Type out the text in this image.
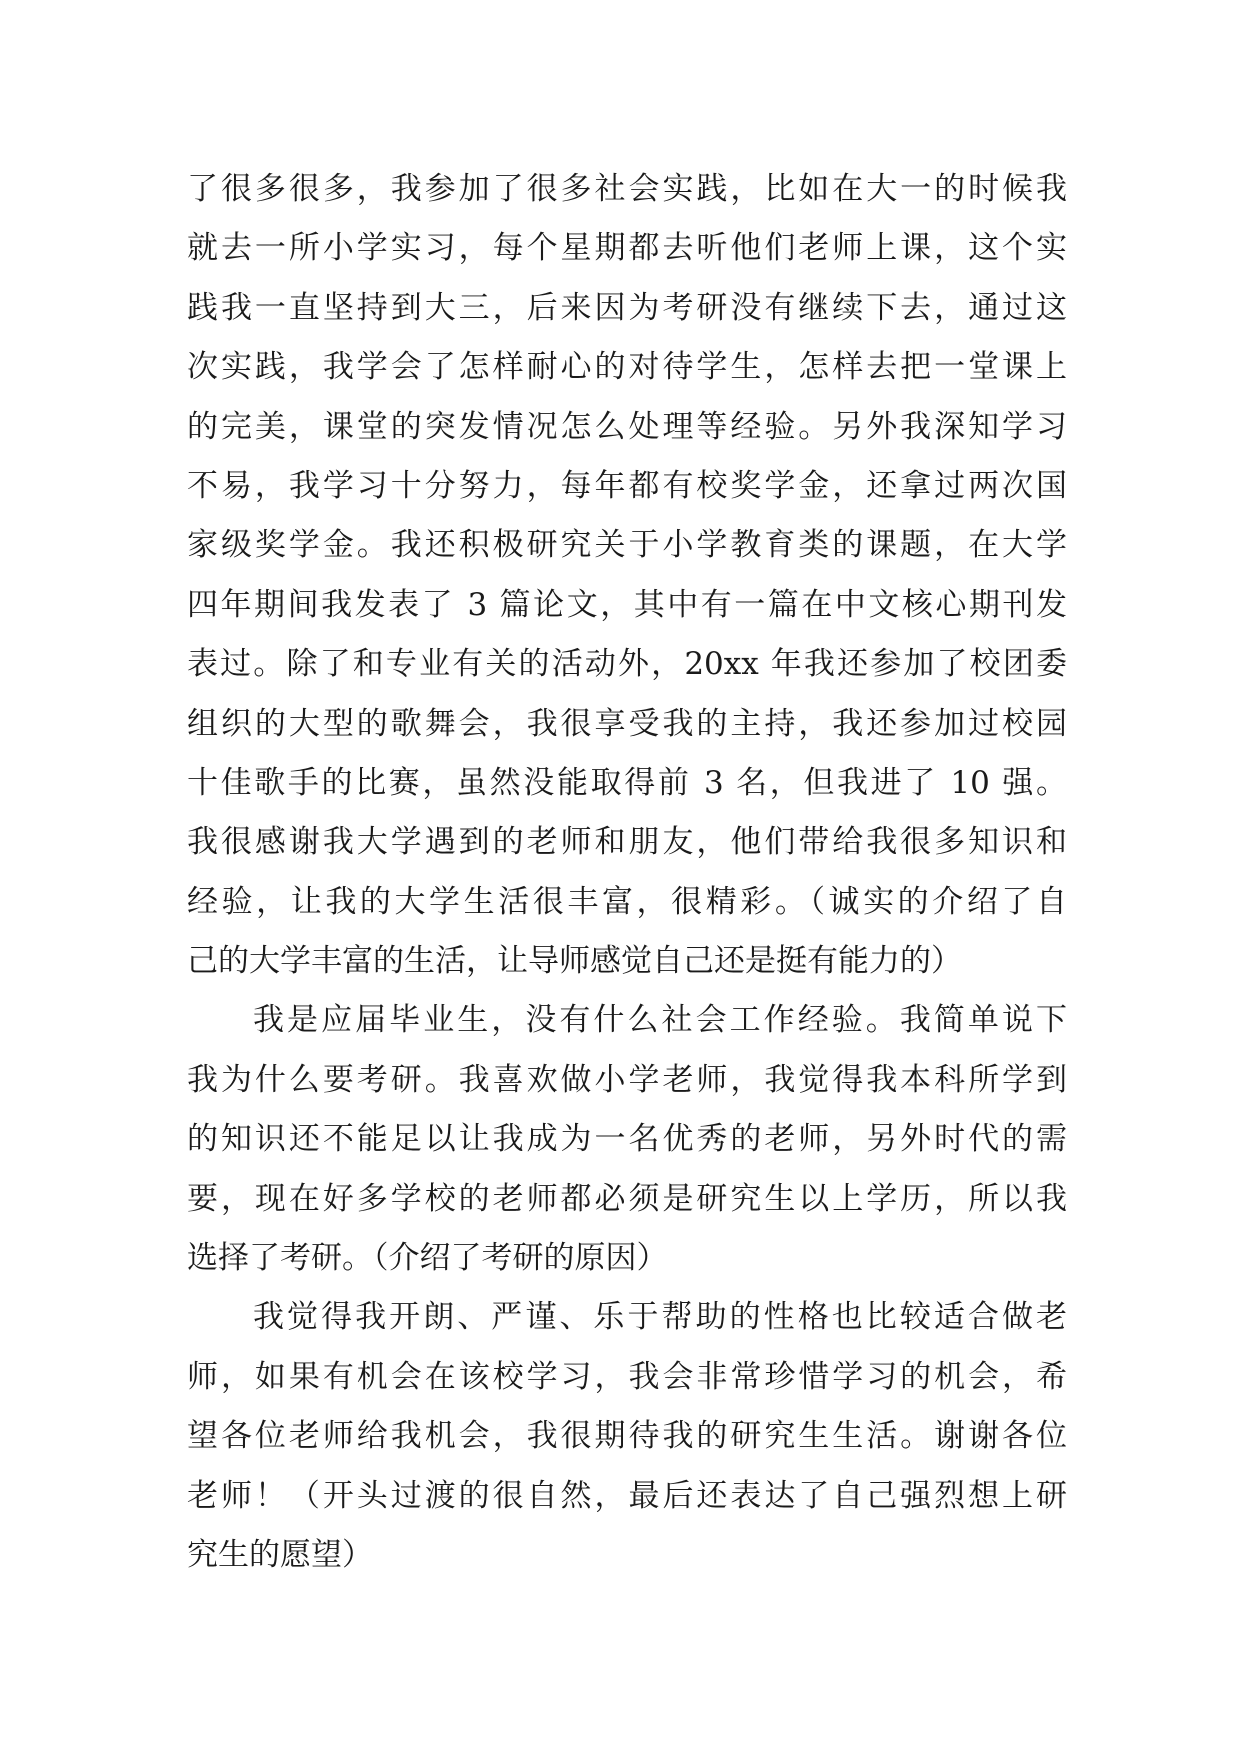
了很多很多，我参加了很多社会实践，比如在大一的时候我
就去一所小学实习，每个星期都去听他们老师上课，这个实
践我一直坚持到大三，后来因为考研没有继续下去，通过这
次实践，我学会了怎样耐心的对待学生，怎样去把一堂课上
的完美，课堂的突发情况怎么处理等经验。另外我深知学习
不易，我学习十分努力，每年都有校奖学金，还拿过两次国
家级奖学金。我还积极研究关于小学教育类的课题，在大学
四年期间我发表了 3 篇论文，其中有一篇在中文核心期刊发
表过。除了和专业有关的活动外，20xx 年我还参加了校团委
组织的大型的歌舞会，我很享受我的主持，我还参加过校园
十佳歌手的比赛，虽然没能取得前 3 名，但我进了 10 强。
我很感谢我大学遇到的老师和朋友，他们带给我很多知识和
经验，让我的大学生活很丰富，很精彩。（诚实的介绍了自
己的大学丰富的生活，让导师感觉自己还是挺有能力的）
我是应届毕业生，没有什么社会工作经验。我简单说下
我为什么要考研。我喜欢做小学老师，我觉得我本科所学到
的知识还不能足以让我成为一名优秀的老师，另外时代的需
要，现在好多学校的老师都必须是研究生以上学历，所以我
选择了考研。（介绍了考研的原因）
我觉得我开朗、严谨、乐于帮助的性格也比较适合做老
师，如果有机会在该校学习，我会非常珍惜学习的机会，希
望各位老师给我机会，我很期待我的研究生生活。谢谢各位
老师！（开头过渡的很自然，最后还表达了自己强烈想上研
究生的愿望）
